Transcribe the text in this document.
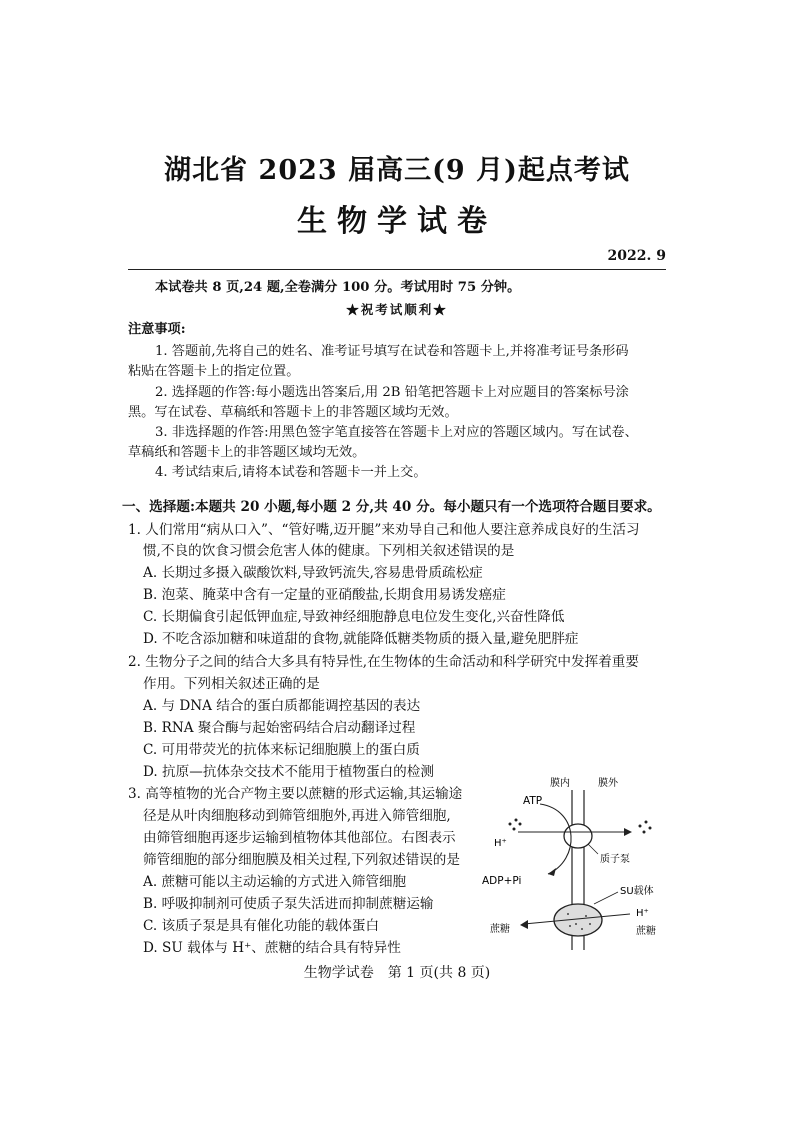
湖北省 2023 届高三(9 月)起点考试
生物学试卷
2022. 9
本试卷共 8 页,24 题,全卷满分 100 分。考试用时 75 分钟。
★祝考试顺利★
注意事项:
1. 答题前,先将自己的姓名、准考证号填写在试卷和答题卡上,并将准考证号条形码
粘贴在答题卡上的指定位置。
2. 选择题的作答:每小题选出答案后,用 2B 铅笔把答题卡上对应题目的答案标号涂
黑。写在试卷、草稿纸和答题卡上的非答题区域均无效。
3. 非选择题的作答:用黑色签字笔直接答在答题卡上对应的答题区域内。写在试卷、
草稿纸和答题卡上的非答题区域均无效。
4. 考试结束后,请将本试卷和答题卡一并上交。
一、选择题:本题共 20 小题,每小题 2 分,共 40 分。每小题只有一个选项符合题目要求。
1. 人们常用“病从口入”、“管好嘴,迈开腿”来劝导自己和他人要注意养成良好的生活习
惯,不良的饮食习惯会危害人体的健康。下列相关叙述错误的是
A. 长期过多摄入碳酸饮料,导致钙流失,容易患骨质疏松症
B. 泡菜、腌菜中含有一定量的亚硝酸盐,长期食用易诱发癌症
C. 长期偏食引起低钾血症,导致神经细胞静息电位发生变化,兴奋性降低
D. 不吃含添加糖和味道甜的食物,就能降低糖类物质的摄入量,避免肥胖症
2. 生物分子之间的结合大多具有特异性,在生物体的生命活动和科学研究中发挥着重要
作用。下列相关叙述正确的是
A. 与 DNA 结合的蛋白质都能调控基因的表达
B. RNA 聚合酶与起始密码结合启动翻译过程
C. 可用带荧光的抗体来标记细胞膜上的蛋白质
D. 抗原—抗体杂交技术不能用于植物蛋白的检测
3. 高等植物的光合产物主要以蔗糖的形式运输,其运输途
径是从叶肉细胞移动到筛管细胞外,再进入筛管细胞,
由筛管细胞再逐步运输到植物体其他部位。右图表示
筛管细胞的部分细胞膜及相关过程,下列叙述错误的是
A. 蔗糖可能以主动运输的方式进入筛管细胞
B. 呼吸抑制剂可使质子泵失活进而抑制蔗糖运输
C. 该质子泵是具有催化功能的载体蛋白
D. SU 载体与 H⁺、蔗糖的结合具有特异性
膜内	膜外
ATP
H⁺
ADP+Pi
质子泵
SU载体
H⁺
蔗糖
蔗糖
生物学试卷　第 1 页(共 8 页)
